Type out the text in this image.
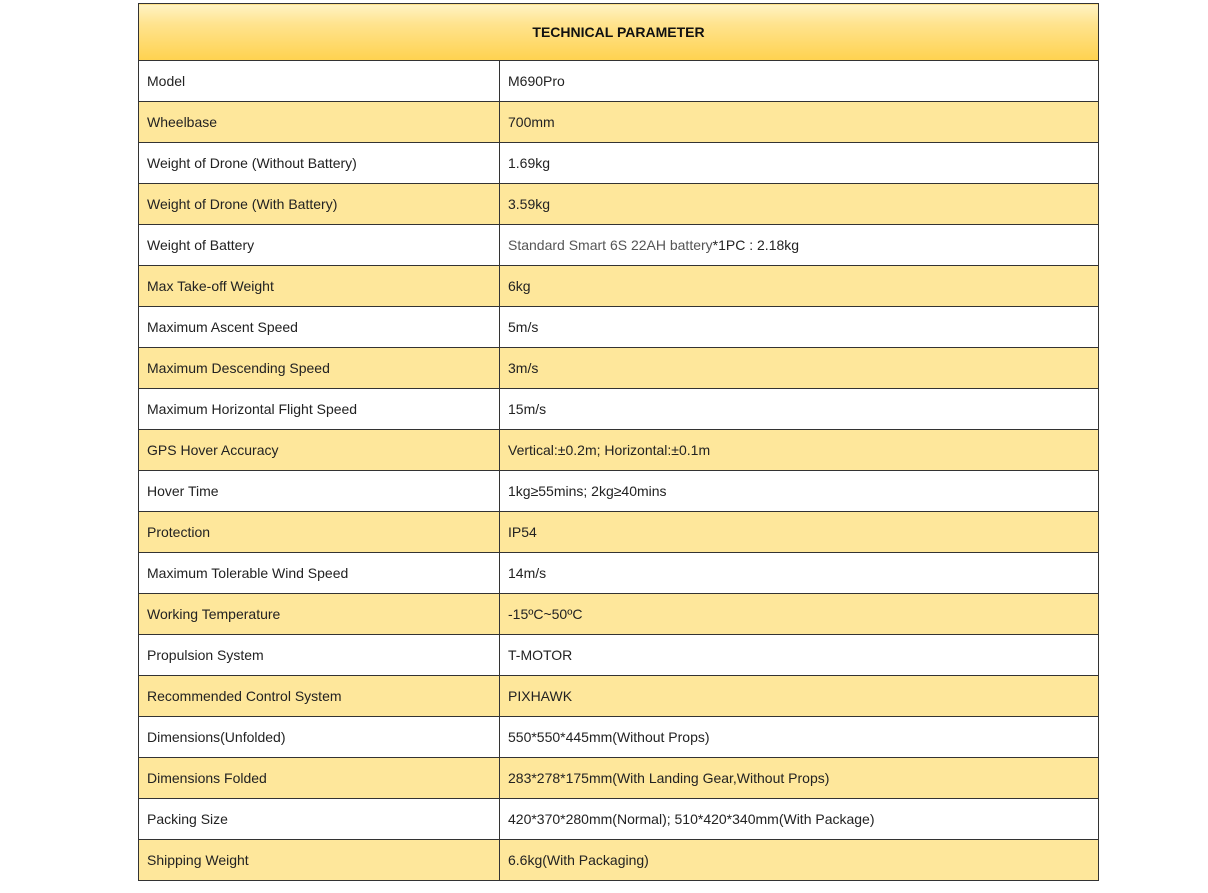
TECHNICAL PARAMETER	
Model	M690Pro
Wheelbase	700mm
Weight of Drone (Without Battery)	1.69kg
Weight of Drone (With Battery)	3.59kg
Weight of Battery	Standard Smart 6S 22AH battery*1PC : 2.18kg
Max Take-off Weight	6kg
Maximum Ascent Speed	5m/s
Maximum Descending Speed	3m/s
Maximum Horizontal Flight Speed	15m/s
GPS Hover Accuracy	Vertical:±0.2m; Horizontal:±0.1m
Hover Time	1kg≥55mins; 2kg≥40mins
Protection	IP54
Maximum Tolerable Wind Speed	14m/s
Working Temperature	-15ºC~50ºC
Propulsion System	T-MOTOR
Recommended Control System	PIXHAWK
Dimensions(Unfolded)	550*550*445mm(Without Props)
Dimensions Folded	283*278*175mm(With Landing Gear,Without Props)
Packing Size	420*370*280mm(Normal); 510*420*340mm(With Package)
Shipping Weight	6.6kg(With Packaging)
